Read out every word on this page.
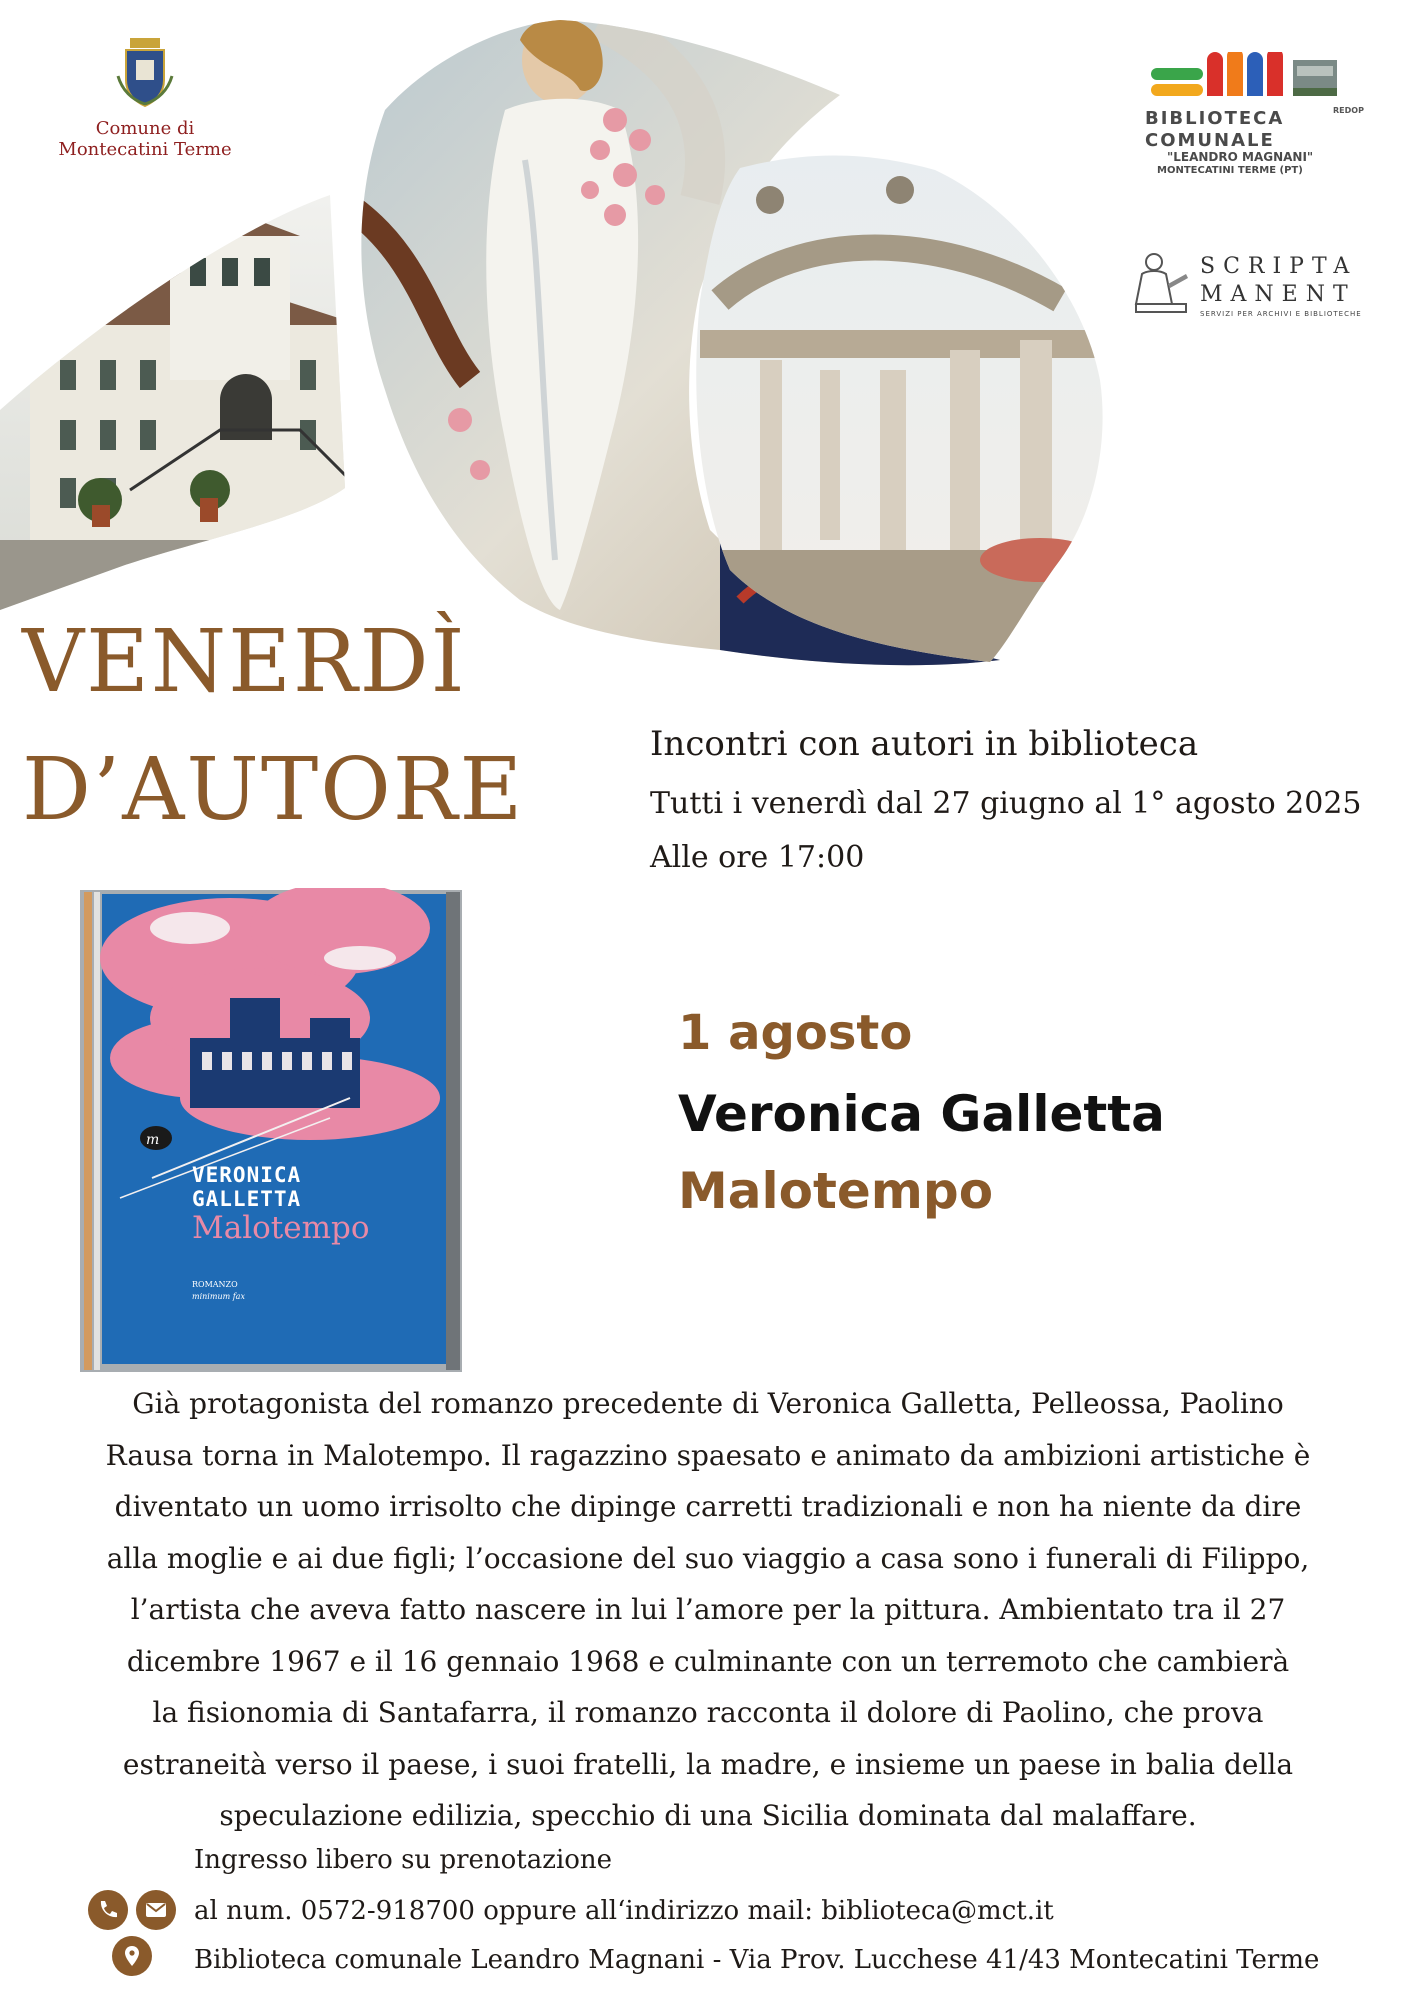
Comune di
Montecatini Terme
BIBLIOTECA
COMUNALE
"LEANDRO MAGNANI"
MONTECATINI TERME (PT)
REDOP
SCRIPTA
MANENT
SERVIZI PER ARCHIVI E BIBLIOTECHE
VENERDÌ
D’AUTORE	Incontri con autori in biblioteca
Tutti i venerdì dal 27 giugno al 1° agosto 2025
Alle ore 17:00
m
VERONICA
GALLETTA
Malotempo
ROMANZO
minimum fax
1 agosto
Veronica Galletta
Malotempo
Già protagonista del romanzo precedente di Veronica Galletta, Pelleossa, Paolino
Rausa torna in Malotempo. Il ragazzino spaesato e animato da ambizioni artistiche è
diventato un uomo irrisolto che dipinge carretti tradizionali e non ha niente da dire
alla moglie e ai due figli; l’occasione del suo viaggio a casa sono i funerali di Filippo,
l’artista che aveva fatto nascere in lui l’amore per la pittura. Ambientato tra il 27
dicembre 1967 e il 16 gennaio 1968 e culminante con un terremoto che cambierà
la fisionomia di Santafarra, il romanzo racconta il dolore di Paolino, che prova
estraneità verso il paese, i suoi fratelli, la madre, e insieme un paese in balia della
speculazione edilizia, specchio di una Sicilia dominata dal malaffare.
Ingresso libero su prenotazione
al num. 0572-918700 oppure all‘indirizzo mail: biblioteca@mct.it
Biblioteca comunale Leandro Magnani - Via Prov. Lucchese 41/43 Montecatini Terme
